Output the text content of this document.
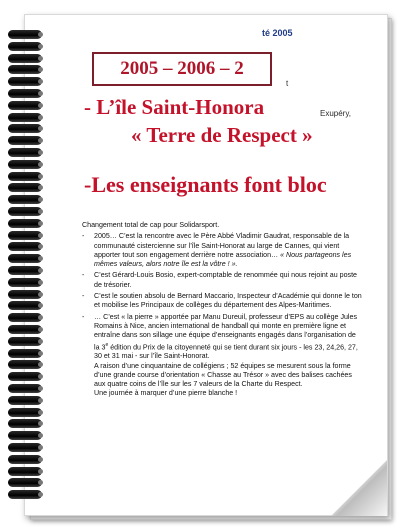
té 2005
t
Exupéry,
2005 – 2006 – 2
- L’île Saint-Honora
« Terre de Respect »
-Les enseignants font bloc

Changement total de cap pour Solidarsport.

- 2005… C’est la rencontre avec le Père Abbé Vladimir Gaudrat, responsable de la communauté cistercienne sur l’île Saint-Honorat au large de Cannes, qui vient apporter tout son engagement derrière notre association… « Nous partageons les mêmes valeurs, alors notre île est la vôtre ! ».
- C’est Gérard-Louis Bosio, expert-comptable de renommée qui nous rejoint au poste de trésorier.
- C’est le soutien absolu de Bernard Maccario, Inspecteur d’Académie qui donne le ton et mobilise les Principaux de collèges du département des Alpes-Maritimes.
- … C’est « la pierre » apportée par Manu Dureuil, professeur d’EPS au collège Jules Romains à Nice, ancien international de handball qui monte en première ligne et entraîne dans son sillage une équipe d’enseignants engagés dans l’organisation de la 3e édition du Prix de la citoyenneté qui se tient durant six jours - les 23, 24,26, 27, 30 et 31 mai - sur l’île Saint-Honorat.

A raison d’une cinquantaine de collégiens ; 52 équipes se mesurent sous la forme d’une grande course d’orientation « Chasse au Trésor » avec des balises cachées aux quatre coins de l’île sur les 7 valeurs de la Charte du Respect.

Une journée à marquer d’une pierre blanche !
